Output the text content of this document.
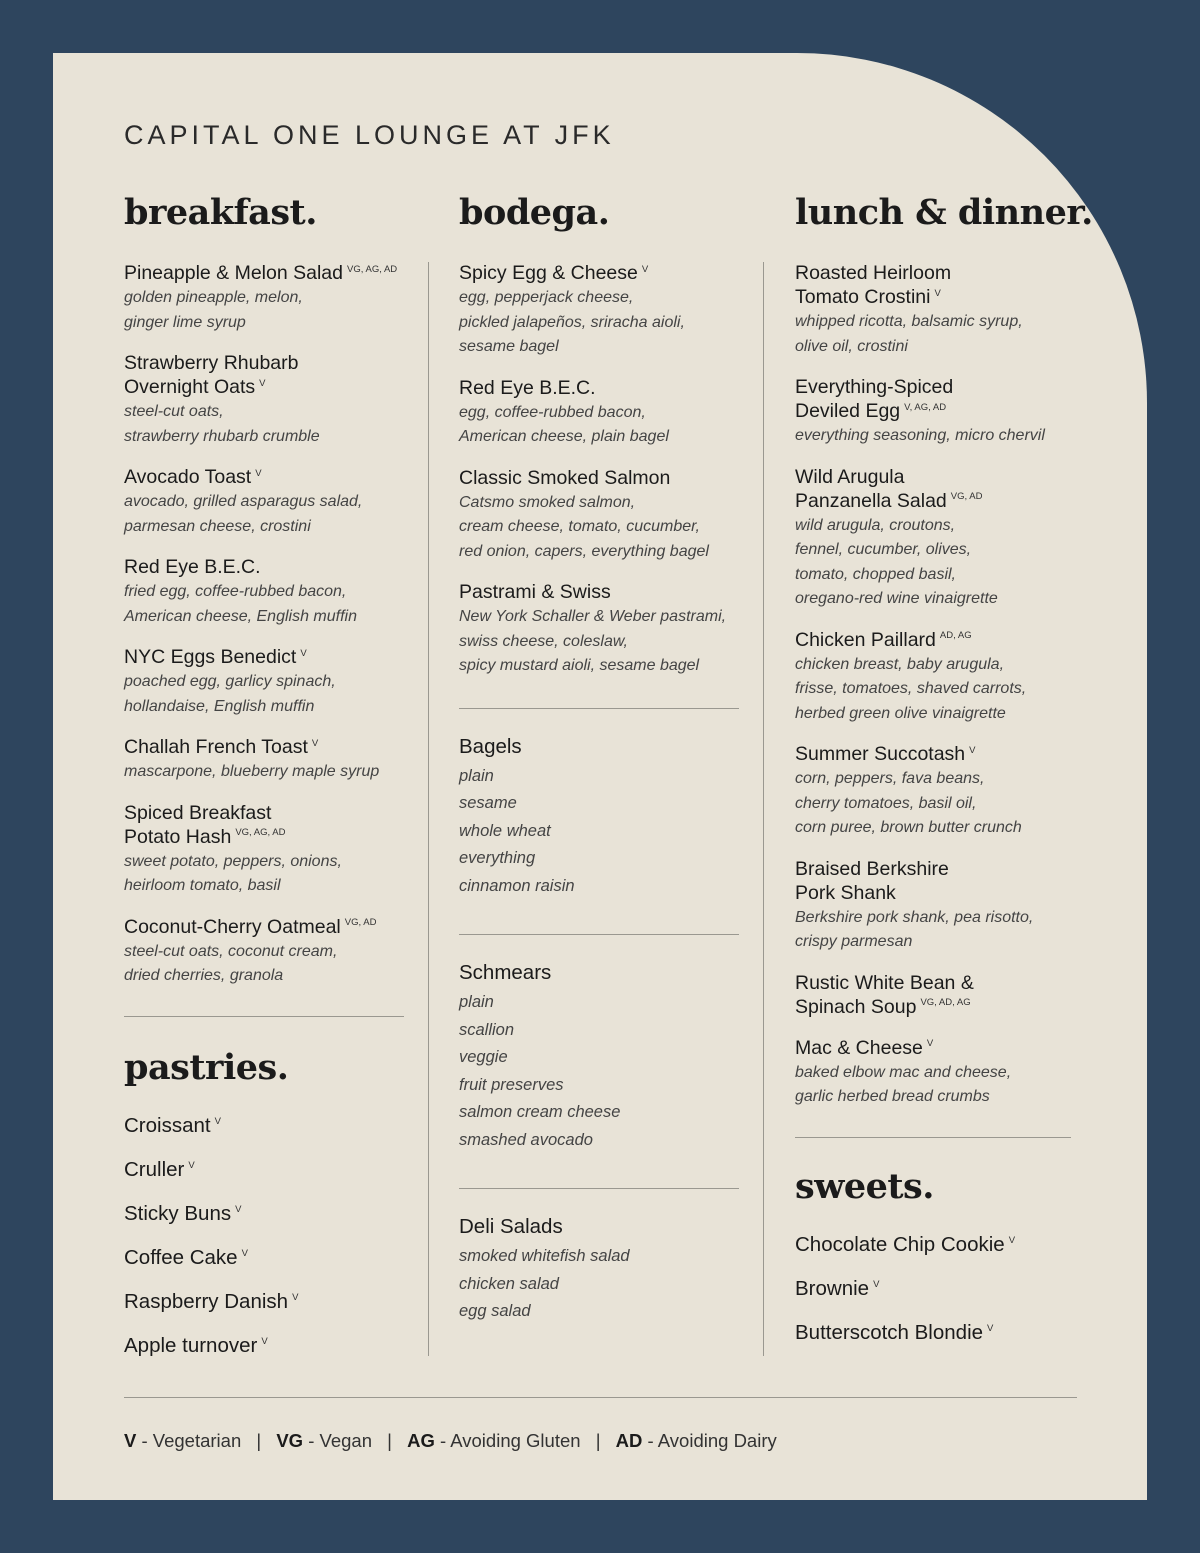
CAPITAL ONE LOUNGE AT JFK
breakfast.
Pineapple & Melon Salad $^{VG, AG, AD}$
golden pineapple, melon,
ginger lime syrup
Strawberry Rhubarb
Overnight Oats $^V$
steel-cut oats,
strawberry rhubarb crumble
Avocado Toast $^V$
avocado, grilled asparagus salad,
parmesan cheese, crostini
Red Eye B.E.C.
fried egg, coffee-rubbed bacon,
American cheese, English muffin
NYC Eggs Benedict $^V$
poached egg, garlicy spinach,
hollandaise, English muffin
Challah French Toast $^V$
mascarpone, blueberry maple syrup
Spiced Breakfast
Potato Hash $^{VG, AG, AD}$
sweet potato, peppers, onions,
heirloom tomato, basil
Coconut-Cherry Oatmeal $^{VG, AD}$
steel-cut oats, coconut cream,
dried cherries, granola
pastries.
Croissant $^V$
Cruller $^V$
Sticky Buns $^V$
Coffee Cake $^V$
Raspberry Danish $^V$
Apple turnover $^V$
bodega.
Spicy Egg & Cheese $^V$
egg, pepperjack cheese,
pickled jalapeños, sriracha aioli,
sesame bagel
Red Eye B.E.C.
egg, coffee-rubbed bacon,
American cheese, plain bagel
Classic Smoked Salmon
Catsmo smoked salmon,
cream cheese, tomato, cucumber,
red onion, capers, everything bagel
Pastrami & Swiss
New York Schaller & Weber pastrami,
swiss cheese, coleslaw,
spicy mustard aioli, sesame bagel
Bagels
plain
sesame
whole wheat
everything
cinnamon raisin
Schmears
plain
scallion
veggie
fruit preserves
salmon cream cheese
smashed avocado
Deli Salads
smoked whitefish salad
chicken salad
egg salad
lunch & dinner.
Roasted Heirloom
Tomato Crostini $^V$
whipped ricotta, balsamic syrup,
olive oil, crostini
Everything-Spiced
Deviled Egg $^{V, AG, AD}$
everything seasoning, micro chervil
Wild Arugula
Panzanella Salad $^{VG, AD}$
wild arugula, croutons,
fennel, cucumber, olives,
tomato, chopped basil,
oregano-red wine vinaigrette
Chicken Paillard $^{AD, AG}$
chicken breast, baby arugula,
frisse, tomatoes, shaved carrots,
herbed green olive vinaigrette
Summer Succotash $^V$
corn, peppers, fava beans,
cherry tomatoes, basil oil,
corn puree, brown butter crunch
Braised Berkshire
Pork Shank
Berkshire pork shank, pea risotto,
crispy parmesan
Rustic White Bean &
Spinach Soup $^{VG, AD, AG}$
Mac & Cheese $^V$
baked elbow mac and cheese,
garlic herbed bread crumbs
sweets.
Chocolate Chip Cookie $^V$
Brownie $^V$
Butterscotch Blondie $^V$
V - Vegetarian | VG - Vegan | AG - Avoiding Gluten | AD - Avoiding Dairy
